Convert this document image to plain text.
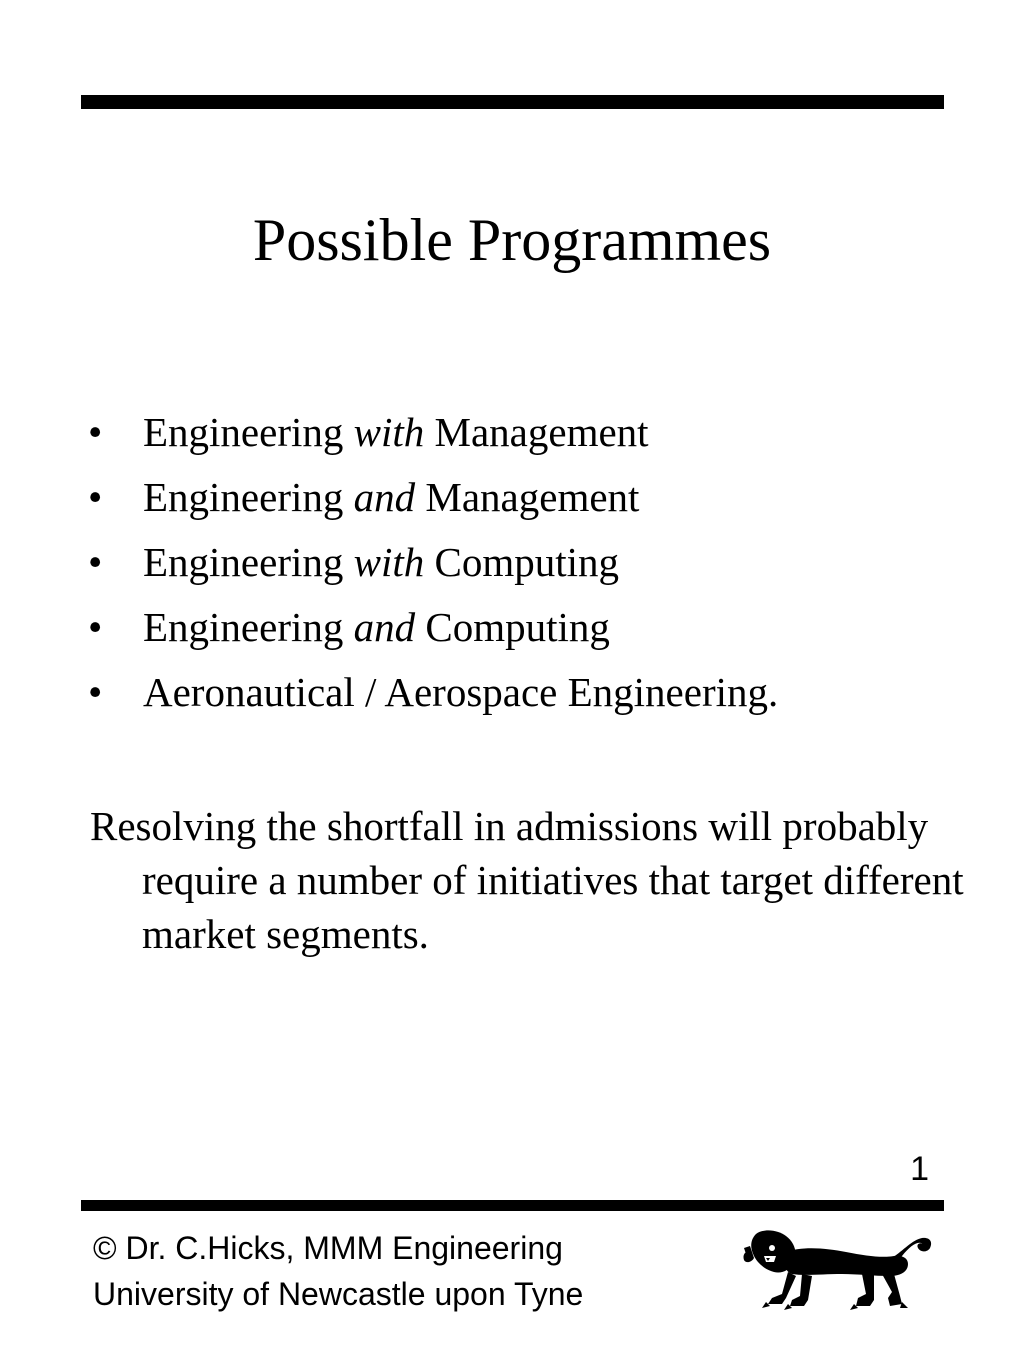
Possible Programmes
• Engineering with Management
• Engineering and Management
• Engineering with Computing
• Engineering and Computing
• Aeronautical / Aerospace Engineering.

Resolving the shortfall in admissions will probably require a number of initiatives that target different market segments.

1
© Dr. C.Hicks, MMM Engineering
University of Newcastle upon Tyne
